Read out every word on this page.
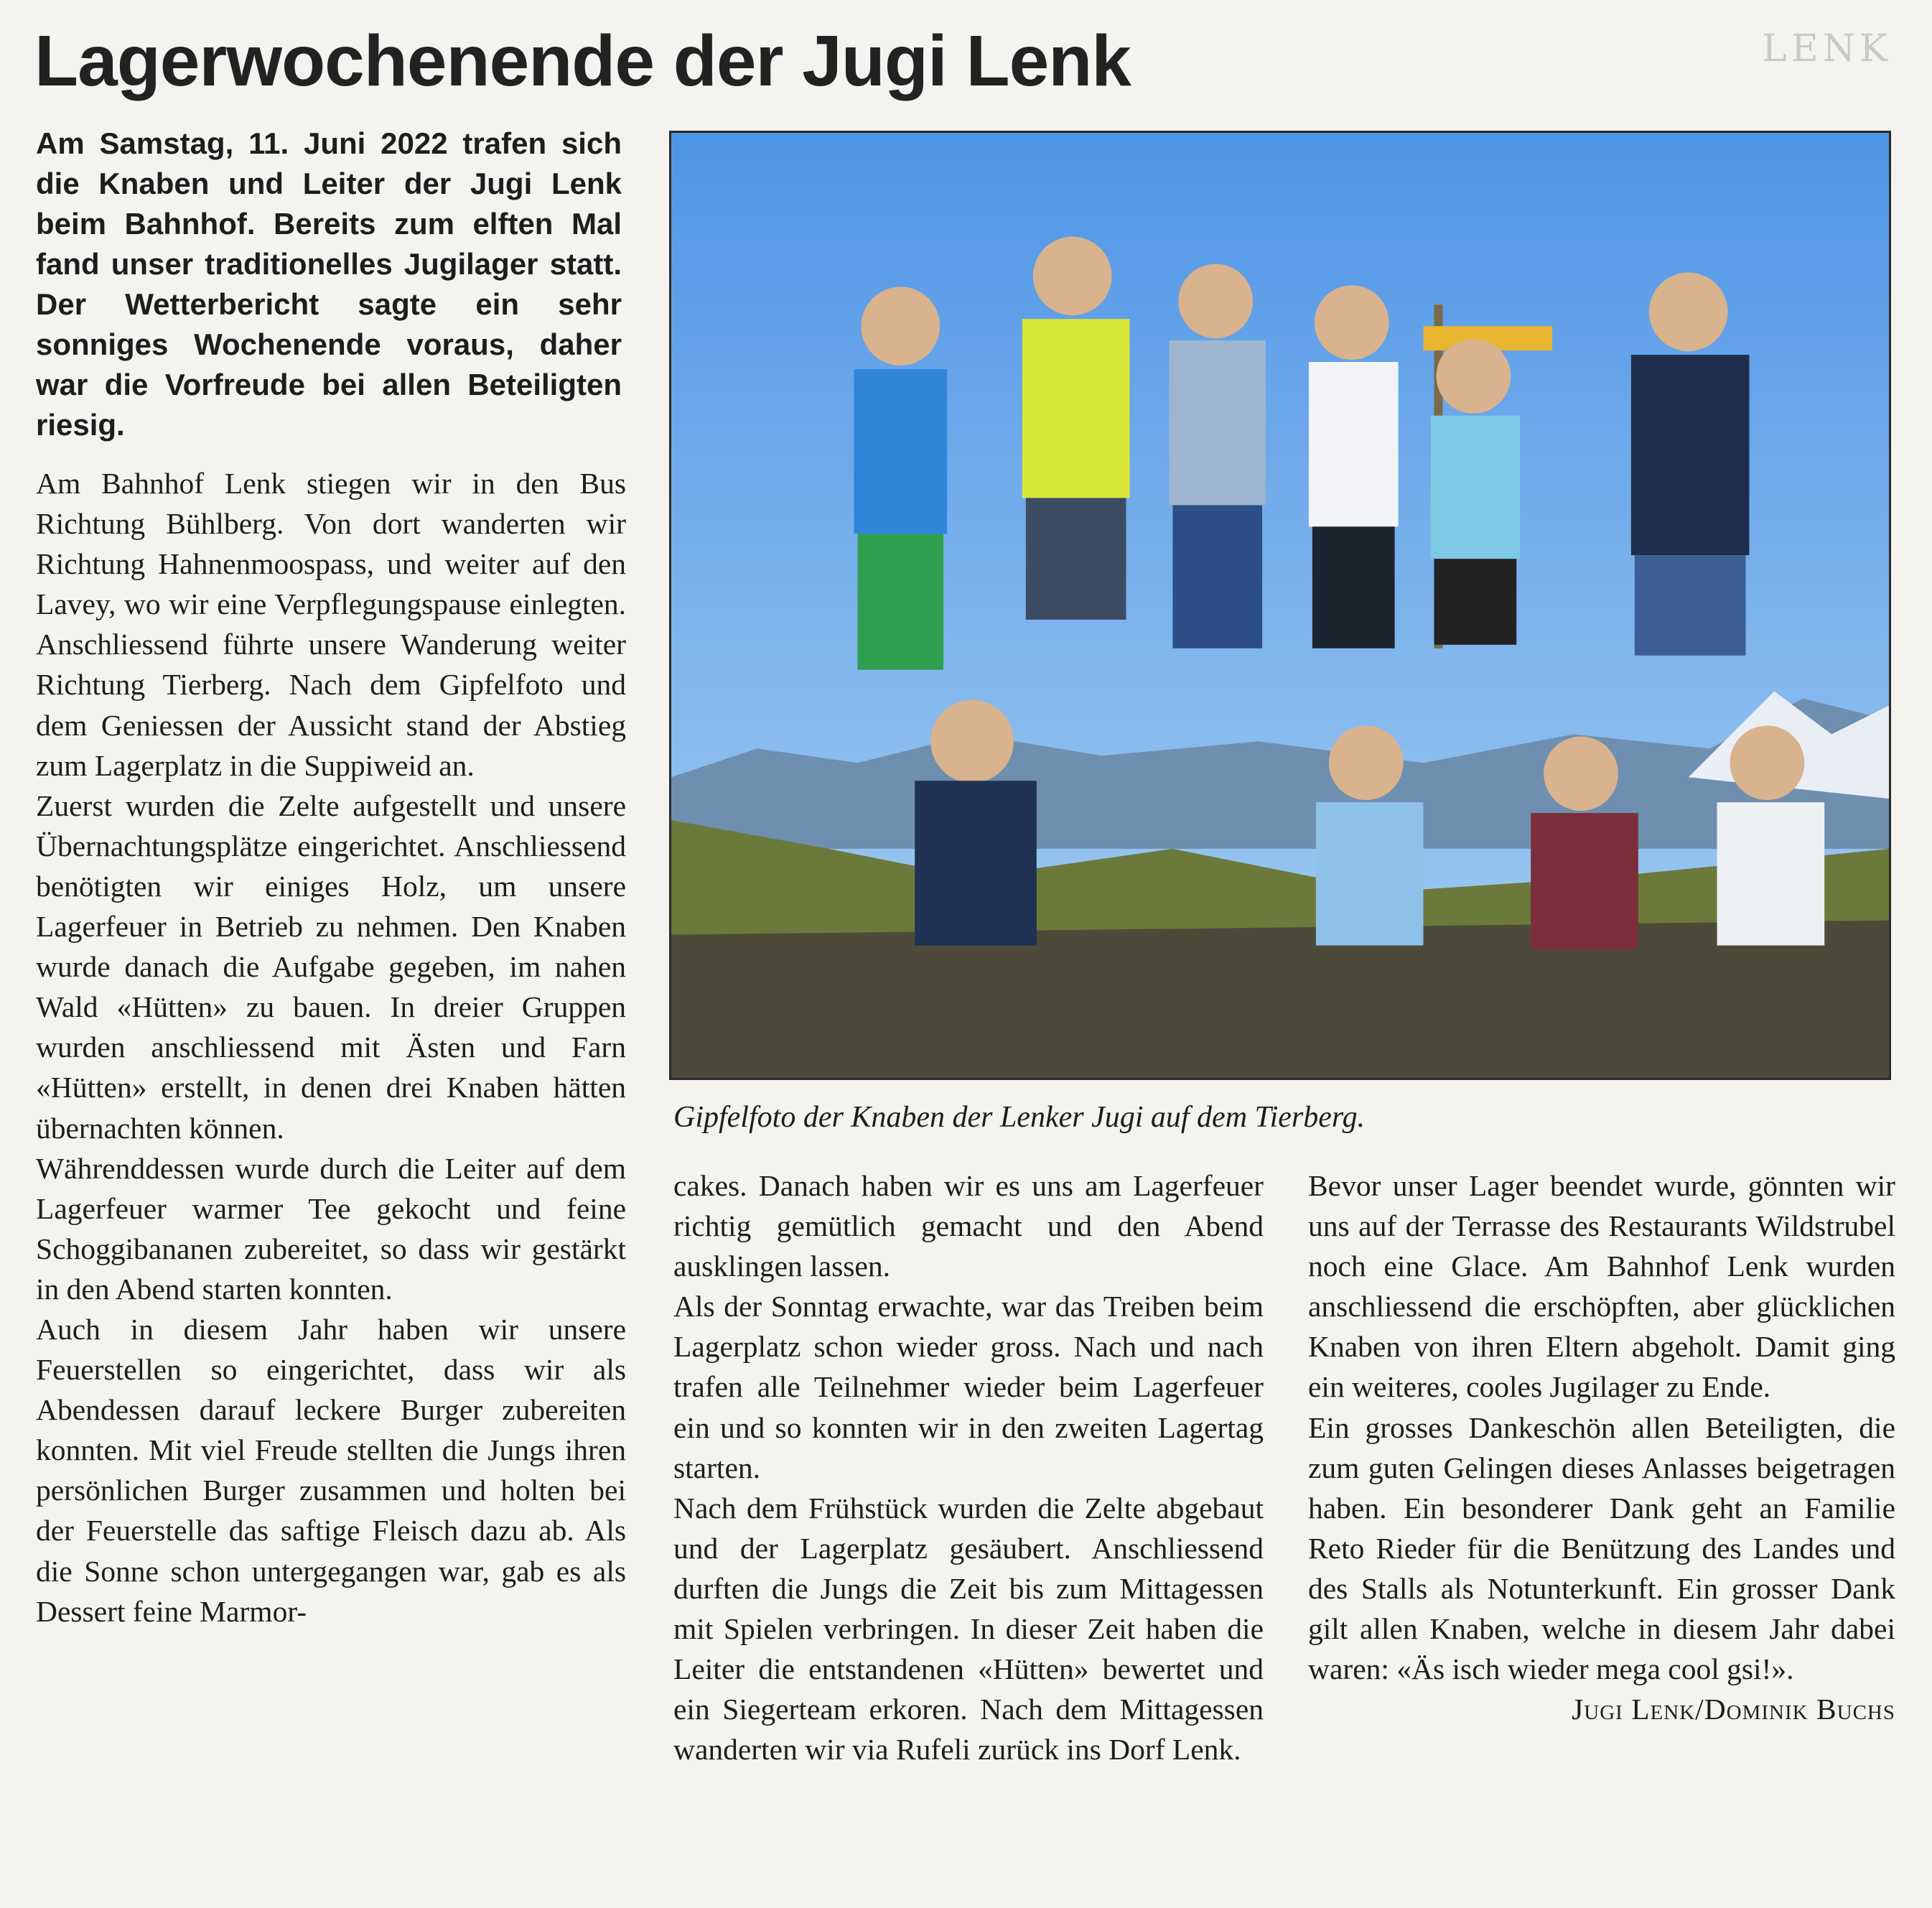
Lagerwochenende der Jugi Lenk	LENK

Am Samstag, 11. Juni 2022 trafen sich die Knaben und Leiter der Jugi Lenk beim Bahnhof. Bereits zum elften Mal fand unser traditionelles Jugilager statt. Der Wetterbericht sagte ein sehr sonniges Wochenende voraus, daher war die Vorfreude bei allen Beteiligten riesig.

Am Bahnhof Lenk stiegen wir in den Bus Richtung Bühlberg. Von dort wanderten wir Richtung Hahnenmoospass, und weiter auf den Lavey, wo wir eine Verpflegungspause einlegten. Anschliessend führte unsere Wanderung weiter Richtung Tierberg. Nach dem Gipfelfoto und dem Geniessen der Aussicht stand der Abstieg zum Lagerplatz in die Suppiweid an.

Zuerst wurden die Zelte aufgestellt und unsere Übernachtungsplätze eingerichtet. Anschliessend benötigten wir einiges Holz, um unsere Lagerfeuer in Betrieb zu nehmen. Den Knaben wurde danach die Aufgabe gegeben, im nahen Wald «Hütten» zu bauen. In dreier Gruppen wurden anschliessend mit Ästen und Farn «Hütten» erstellt, in denen drei Knaben hätten übernachten können.

Währenddessen wurde durch die Leiter auf dem Lagerfeuer warmer Tee gekocht und feine Schoggibananen zubereitet, so dass wir gestärkt in den Abend starten konnten.

Auch in diesem Jahr haben wir unsere Feuerstellen so eingerichtet, dass wir als Abendessen darauf leckere Burger zubereiten konnten. Mit viel Freude stellten die Jungs ihren persönlichen Burger zusammen und holten bei der Feuerstelle das saftige Fleisch dazu ab. Als die Sonne schon untergegangen war, gab es als Dessert feine Marmor-

Gipfelfoto der Knaben der Lenker Jugi auf dem Tierberg.

cakes. Danach haben wir es uns am Lagerfeuer richtig gemütlich gemacht und den Abend ausklingen lassen.

Als der Sonntag erwachte, war das Treiben beim Lagerplatz schon wieder gross. Nach und nach trafen alle Teilnehmer wieder beim Lagerfeuer ein und so konnten wir in den zweiten Lagertag starten.

Nach dem Frühstück wurden die Zelte abgebaut und der Lagerplatz gesäubert. Anschliessend durften die Jungs die Zeit bis zum Mittagessen mit Spielen verbringen. In dieser Zeit haben die Leiter die entstandenen «Hütten» bewertet und ein Siegerteam erkoren. Nach dem Mittagessen wanderten wir via Rufeli zurück ins Dorf Lenk.

Bevor unser Lager beendet wurde, gönnten wir uns auf der Terrasse des Restaurants Wildstrubel noch eine Glace. Am Bahnhof Lenk wurden anschliessend die erschöpften, aber glücklichen Knaben von ihren Eltern abgeholt. Damit ging ein weiteres, cooles Jugilager zu Ende.

Ein grosses Dankeschön allen Beteiligten, die zum guten Gelingen dieses Anlasses beigetragen haben. Ein besonderer Dank geht an Familie Reto Rieder für die Benützung des Landes und des Stalls als Notunterkunft. Ein grosser Dank gilt allen Knaben, welche in diesem Jahr dabei waren: «Äs isch wieder mega cool gsi!».

Jugi Lenk/Dominik Buchs
